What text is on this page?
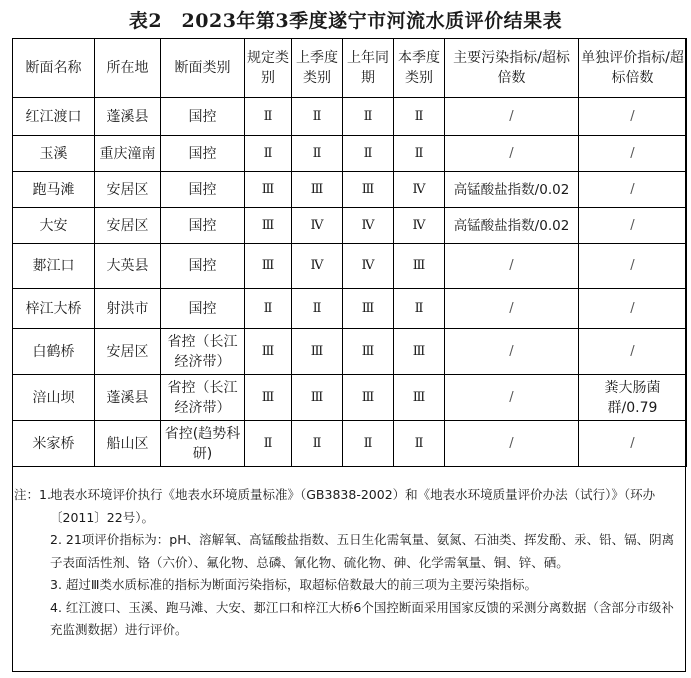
表2　2023年第3季度遂宁市河流水质评价结果表
断面名称	所在地	断面类别	规定类别	上季度类别	上年同期	本季度类别	主要污染指标/超标倍数	单独评价指标/超标倍数
红江渡口	蓬溪县	国控	Ⅱ	Ⅱ	Ⅱ	Ⅱ	/	/
玉溪	重庆潼南	国控	Ⅱ	Ⅱ	Ⅱ	Ⅱ	/	/
跑马滩	安居区	国控	Ⅲ	Ⅲ	Ⅲ	Ⅳ	高锰酸盐指数/0.02	/
大安	安居区	国控	Ⅲ	Ⅳ	Ⅳ	Ⅳ	高锰酸盐指数/0.02	/
郪江口	大英县	国控	Ⅲ	Ⅳ	Ⅳ	Ⅲ	/	/
梓江大桥	射洪市	国控	Ⅱ	Ⅱ	Ⅲ	Ⅱ	/	/
白鹤桥	安居区	省控（长江经济带）	Ⅲ	Ⅲ	Ⅲ	Ⅲ	/	/
涪山坝	蓬溪县	省控（长江经济带）	Ⅲ	Ⅲ	Ⅲ	Ⅲ	/	粪大肠菌群/0.79
米家桥	船山区	省控(趋势科研)	Ⅱ	Ⅱ	Ⅱ	Ⅱ	/	/
注：1. 地表水环境评价执行《地表水环境质量标准》（GB3838-2002）和《地表水环境质量评价办法（试行）》（环办〔2011〕22号）。
2. 21项评价指标为：pH、溶解氧、高锰酸盐指数、五日生化需氧量、氨氮、石油类、挥发酚、汞、铅、镉、阴离子表面活性剂、铬（六价）、氟化物、总磷、氰化物、硫化物、砷、化学需氧量、铜、锌、硒。
3. 超过Ⅲ类水质标准的指标为断面污染指标，取超标倍数最大的前三项为主要污染指标。
4. 红江渡口、玉溪、跑马滩、大安、郪江口和梓江大桥6个国控断面采用国家反馈的采测分离数据（含部分市级补充监测数据）进行评价。
